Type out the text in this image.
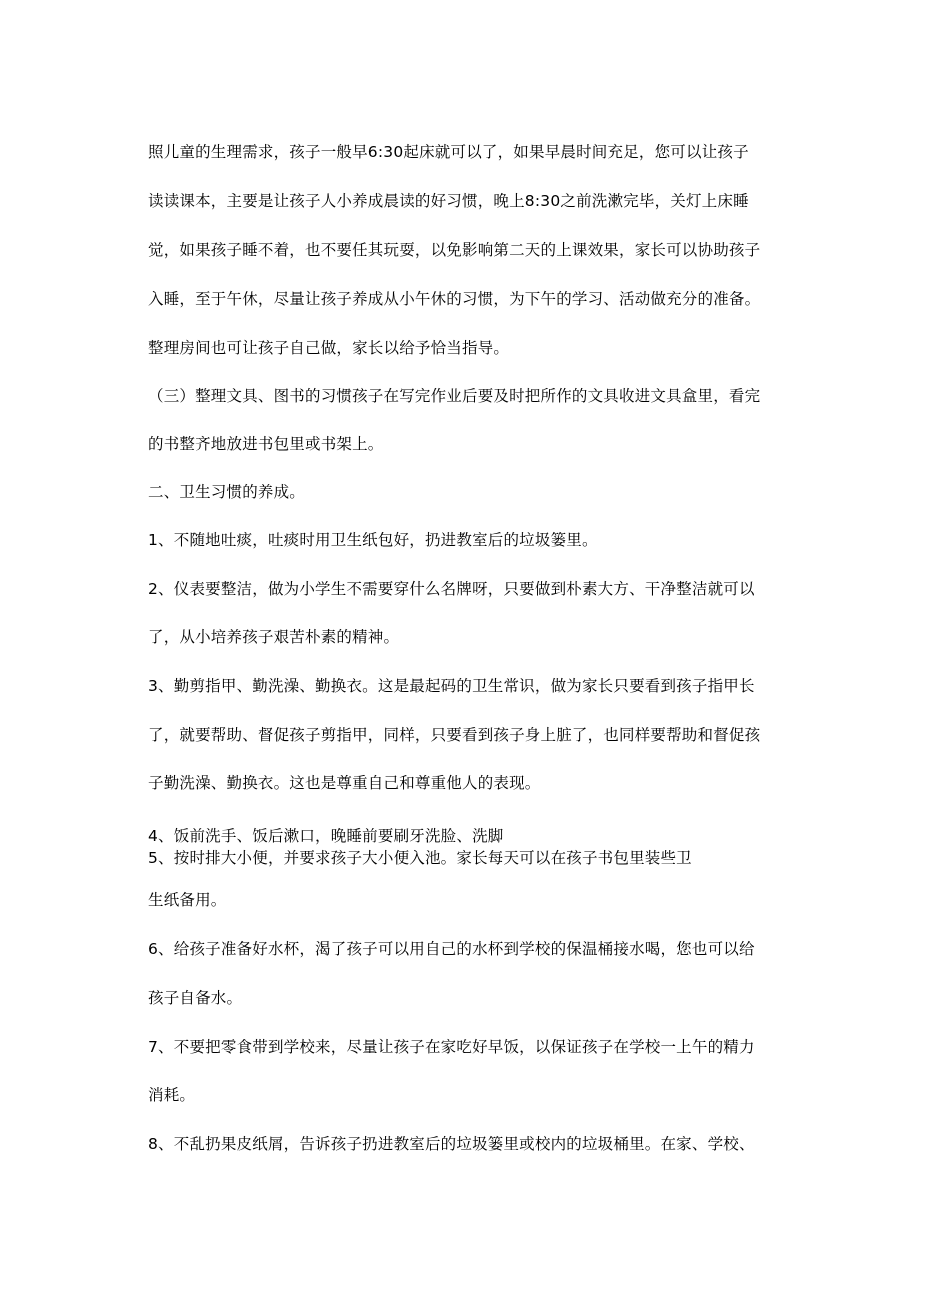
照儿童的生理需求，孩子一般早6:30起床就可以了，如果早晨时间充足，您可以让孩子

读读课本，主要是让孩子人小养成晨读的好习惯，晚上8:30之前洗漱完毕，关灯上床睡

觉，如果孩子睡不着，也不要任其玩耍，以免影响第二天的上课效果，家长可以协助孩子

入睡，至于午休，尽量让孩子养成从小午休的习惯，为下午的学习、活动做充分的准备。

整理房间也可让孩子自己做，家长以给予恰当指导。

（三）整理文具、图书的习惯孩子在写完作业后要及时把所作的文具收进文具盒里，看完

的书整齐地放进书包里或书架上。

二、卫生习惯的养成。

1、不随地吐痰，吐痰时用卫生纸包好，扔进教室后的垃圾篓里。

2、仪表要整洁，做为小学生不需要穿什么名牌呀，只要做到朴素大方、干净整洁就可以

了，从小培养孩子艰苦朴素的精神。

3、勤剪指甲、勤洗澡、勤换衣。这是最起码的卫生常识，做为家长只要看到孩子指甲长

了，就要帮助、督促孩子剪指甲，同样，只要看到孩子身上脏了，也同样要帮助和督促孩

子勤洗澡、勤换衣。这也是尊重自己和尊重他人的表现。

4、饭前洗手、饭后漱口，晚睡前要刷牙洗脸、洗脚

5、按时排大小便，并要求孩子大小便入池。家长每天可以在孩子书包里装些卫

生纸备用。

6、给孩子准备好水杯，渴了孩子可以用自己的水杯到学校的保温桶接水喝，您也可以给

孩子自备水。

7、不要把零食带到学校来，尽量让孩子在家吃好早饭，以保证孩子在学校一上午的精力

消耗。

8、不乱扔果皮纸屑，告诉孩子扔进教室后的垃圾篓里或校内的垃圾桶里。在家、学校、
